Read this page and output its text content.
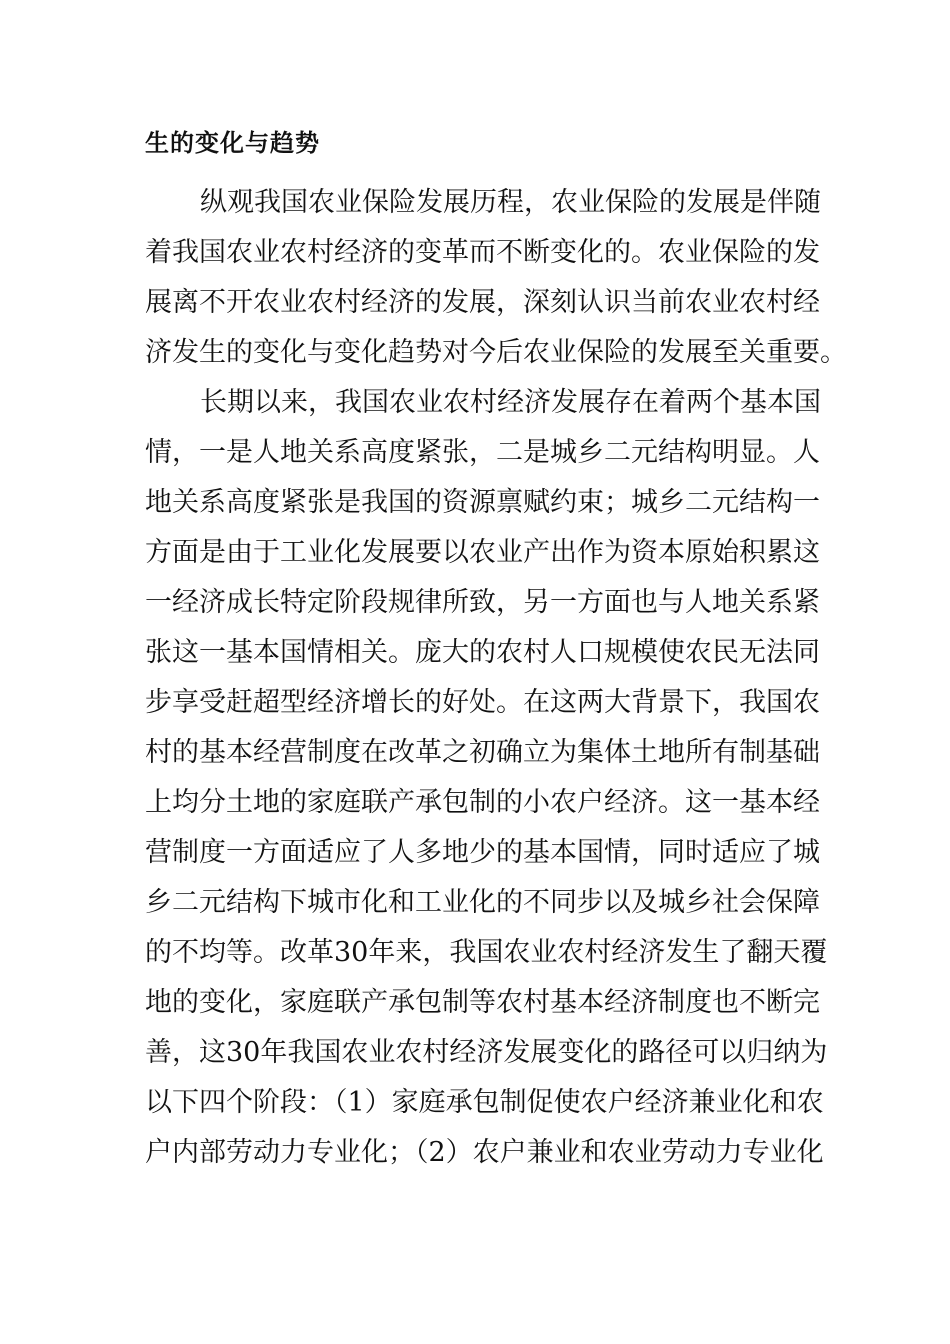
生的变化与趋势
纵观我国农业保险发展历程，农业保险的发展是伴随
着我国农业农村经济的变革而不断变化的。农业保险的发
展离不开农业农村经济的发展，深刻认识当前农业农村经
济发生的变化与变化趋势对今后农业保险的发展至关重要。
长期以来，我国农业农村经济发展存在着两个基本国
情，一是人地关系高度紧张，二是城乡二元结构明显。人
地关系高度紧张是我国的资源禀赋约束；城乡二元结构一
方面是由于工业化发展要以农业产出作为资本原始积累这
一经济成长特定阶段规律所致，另一方面也与人地关系紧
张这一基本国情相关。庞大的农村人口规模使农民无法同
步享受赶超型经济增长的好处。在这两大背景下，我国农
村的基本经营制度在改革之初确立为集体土地所有制基础
上均分土地的家庭联产承包制的小农户经济。这一基本经
营制度一方面适应了人多地少的基本国情，同时适应了城
乡二元结构下城市化和工业化的不同步以及城乡社会保障
的不均等。改革30年来，我国农业农村经济发生了翻天覆
地的变化，家庭联产承包制等农村基本经济制度也不断完
善，这30年我国农业农村经济发展变化的路径可以归纳为
以下四个阶段：（1）家庭承包制促使农户经济兼业化和农
户内部劳动力专业化；（2）农户兼业和农业劳动力专业化
